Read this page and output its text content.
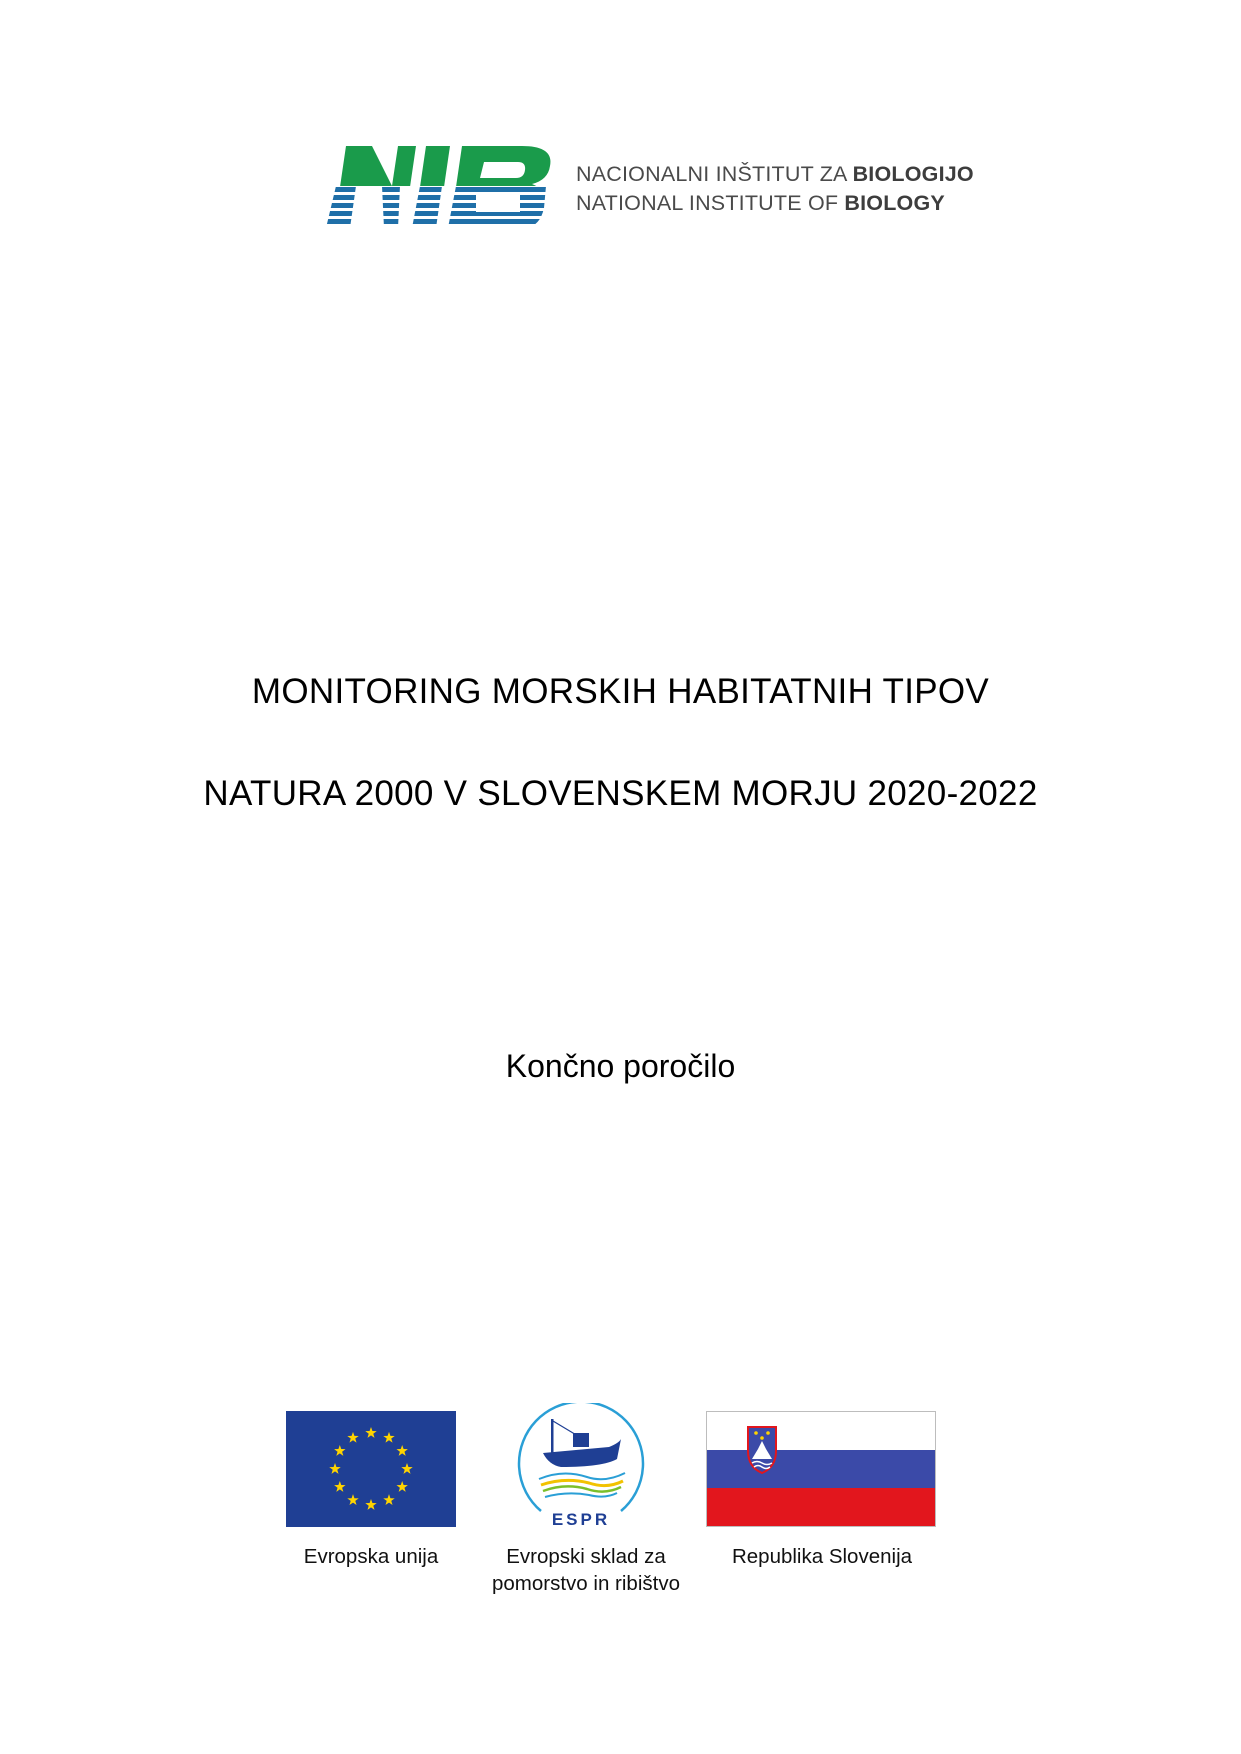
NACIONALNI INŠTITUT ZA BIOLOGIJO
NATIONAL INSTITUTE OF BIOLOGY
MONITORING MORSKIH HABITATNIH TIPOV
NATURA 2000 V SLOVENSKEM MORJU 2020-2022
Končno poročilo
ESPR
Evropska unija	Evropski sklad za
pomorstvo in ribištvo
Republika Slovenija
